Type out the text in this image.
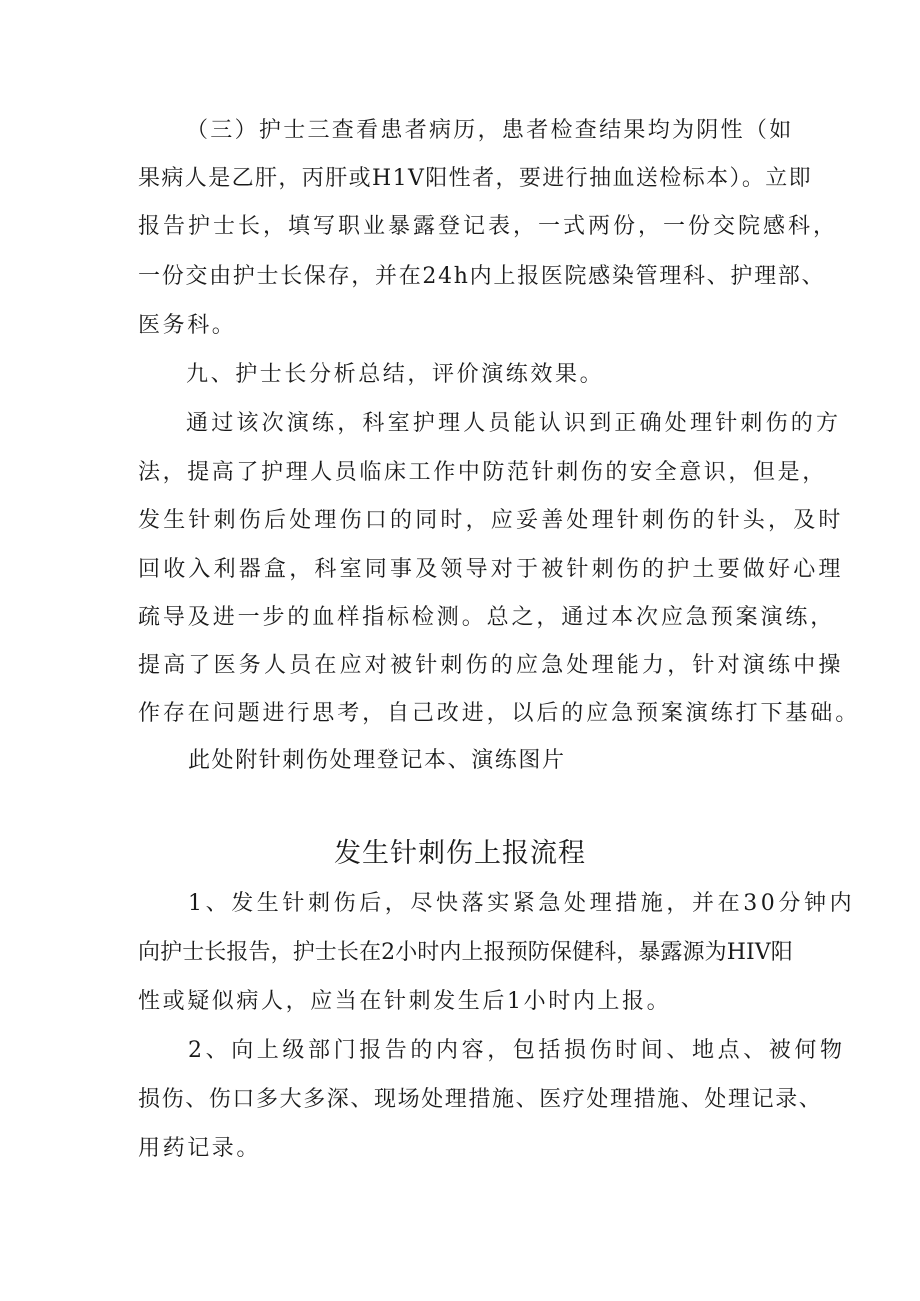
（三）护士三查看患者病历，患者检查结果均为阴性（如
果病人是乙肝，丙肝或H1V阳性者，要进行抽血送检标本）。立即
报告护士长，填写职业暴露登记表，一式两份，一份交院感科，
一份交由护士长保存，并在24h内上报医院感染管理科、护理部、
医务科。
九、护士长分析总结，评价演练效果。
通过该次演练，科室护理人员能认识到正确处理针刺伤的方
法，提高了护理人员临床工作中防范针刺伤的安全意识，但是，
发生针刺伤后处理伤口的同时，应妥善处理针刺伤的针头，及时
回收入利器盒，科室同事及领导对于被针刺伤的护土要做好心理
疏导及进一步的血样指标检测。总之，通过本次应急预案演练，
提高了医务人员在应对被针刺伤的应急处理能力，针对演练中操
作存在问题进行思考，自己改进，以后的应急预案演练打下基础。
此处附针刺伤处理登记本、演练图片
发生针刺伤上报流程
1、发生针刺伤后，尽快落实紧急处理措施，并在30分钟内
向护士长报告，护士长在2小时内上报预防保健科，暴露源为HIV阳
性或疑似病人，应当在针刺发生后1小时内上报。
2、向上级部门报告的内容，包括损伤时间、地点、被何物
损伤、伤口多大多深、现场处理措施、医疗处理措施、处理记录、
用药记录。
